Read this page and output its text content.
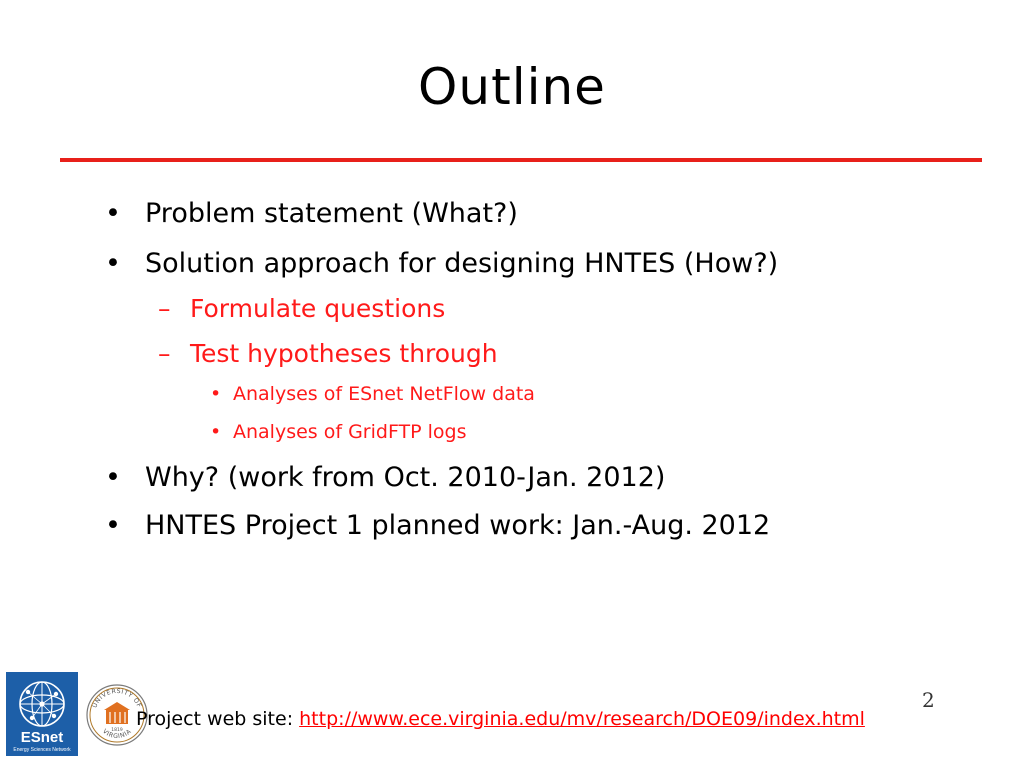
Outline
• Problem statement (What?)
• Solution approach for designing HNTES (How?)
– Formulate questions
– Test hypotheses through
• Analyses of ESnet NetFlow data
• Analyses of GridFTP logs
• Why? (work from Oct. 2010-Jan. 2012)
• HNTES Project 1 planned work: Jan.-Aug. 2012
ESnet
Energy Sciences Network
UNIVERSITY OF
VIRGINIA
1819
2
Project web site: http://www.ece.virginia.edu/mv/research/DOE09/index.html
